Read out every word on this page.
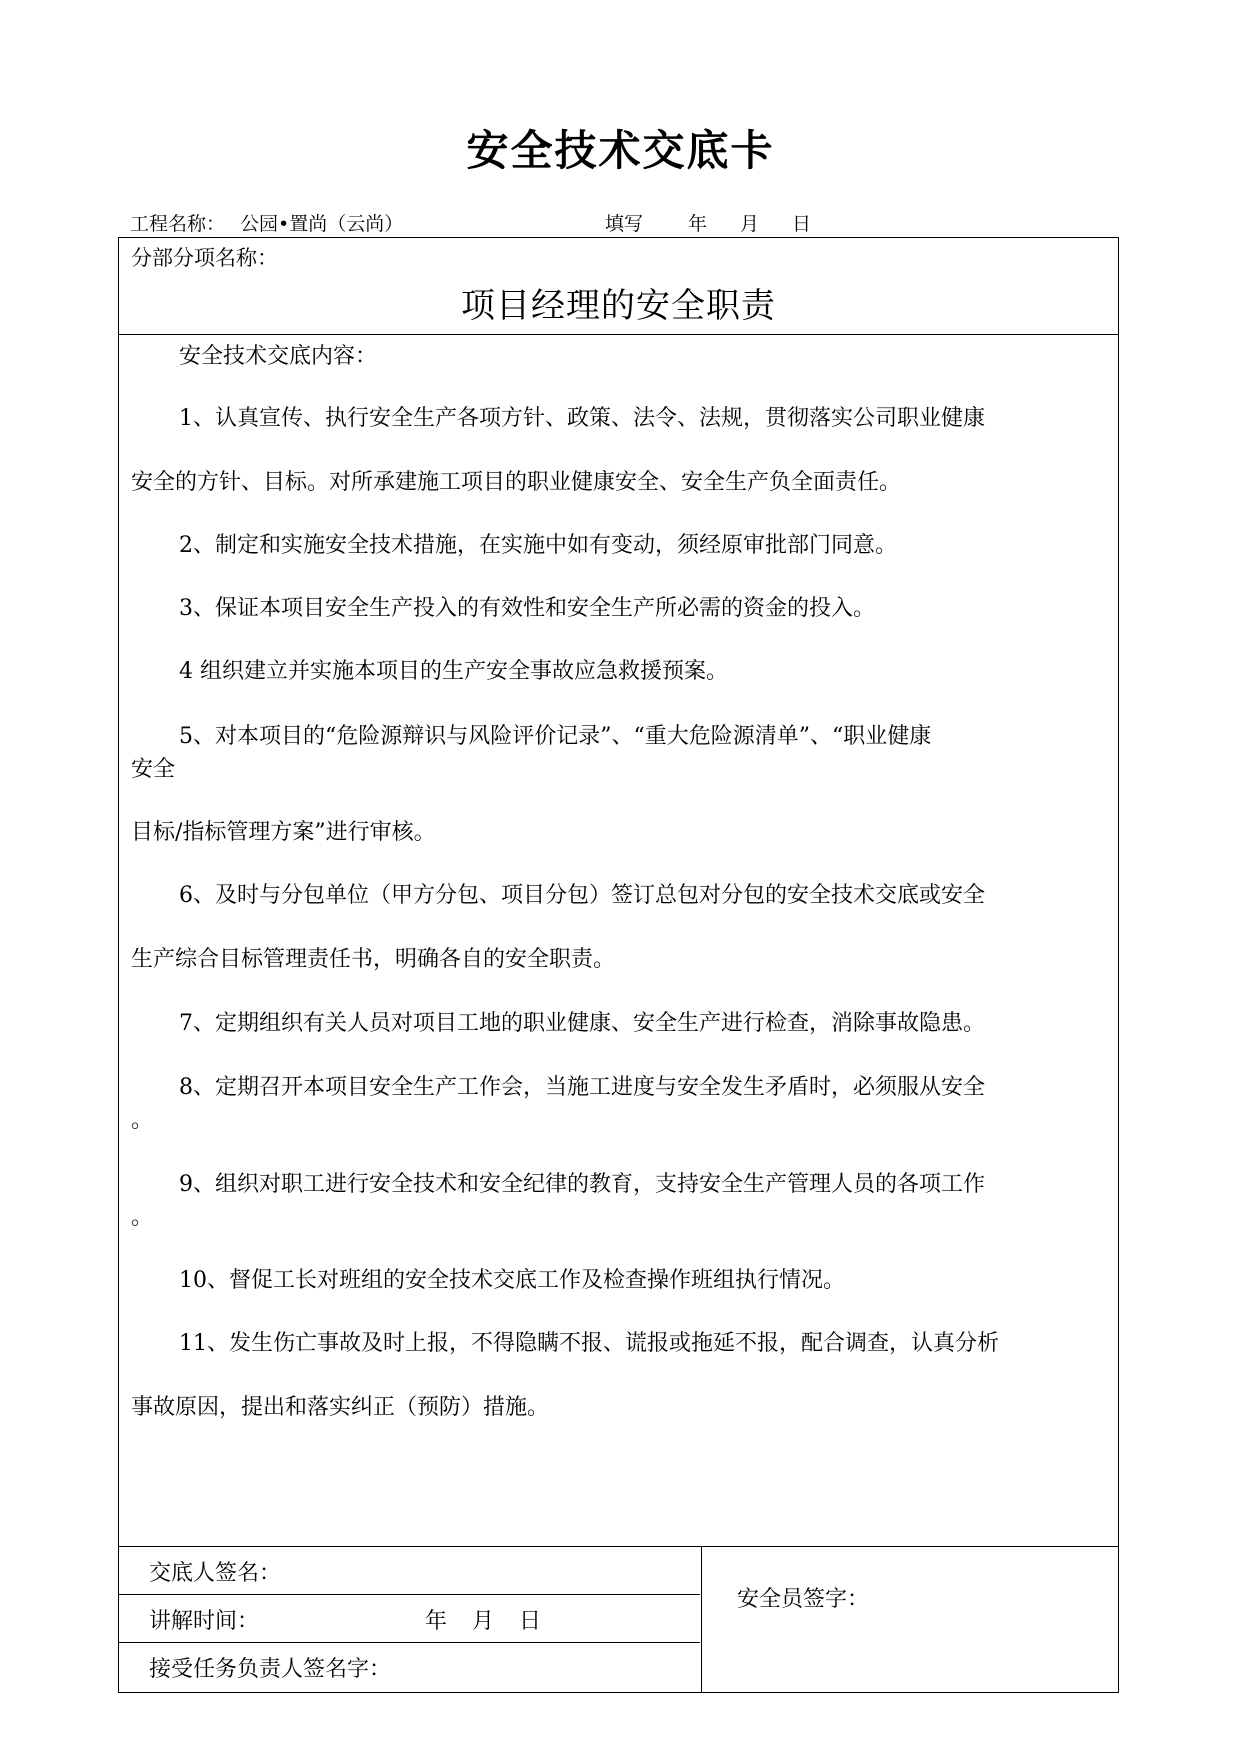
安全技术交底卡
工程名称： 公园•置尚（云尚）	填写 年 月 日
分部分项名称：
项目经理的安全职责
安全技术交底内容：
1、认真宣传、执行安全生产各项方针、政策、法令、法规，贯彻落实公司职业健康
安全的方针、目标。对所承建施工项目的职业健康安全、安全生产负全面责任。
2、制定和实施安全技术措施，在实施中如有变动，须经原审批部门同意。
3、保证本项目安全生产投入的有效性和安全生产所必需的资金的投入。
4 组织建立并实施本项目的生产安全事故应急救援预案。
5、对本项目的“危险源辩识与风险评价记录”、“重大危险源清单”、“职业健康
安全
目标/指标管理方案”进行审核。
6、及时与分包单位（甲方分包、项目分包）签订总包对分包的安全技术交底或安全
生产综合目标管理责任书，明确各自的安全职责。
7、定期组织有关人员对项目工地的职业健康、安全生产进行检查，消除事故隐患。
8、定期召开本项目安全生产工作会，当施工进度与安全发生矛盾时，必须服从安全
。
9、组织对职工进行安全技术和安全纪律的教育，支持安全生产管理人员的各项工作
。
10、督促工长对班组的安全技术交底工作及检查操作班组执行情况。
11、发生伤亡事故及时上报，不得隐瞒不报、谎报或拖延不报，配合调查，认真分析
事故原因，提出和落实纠正（预防）措施。
交底人签名：
讲解时间：	年 月 日
接受任务负责人签名字：
安全员签字：
